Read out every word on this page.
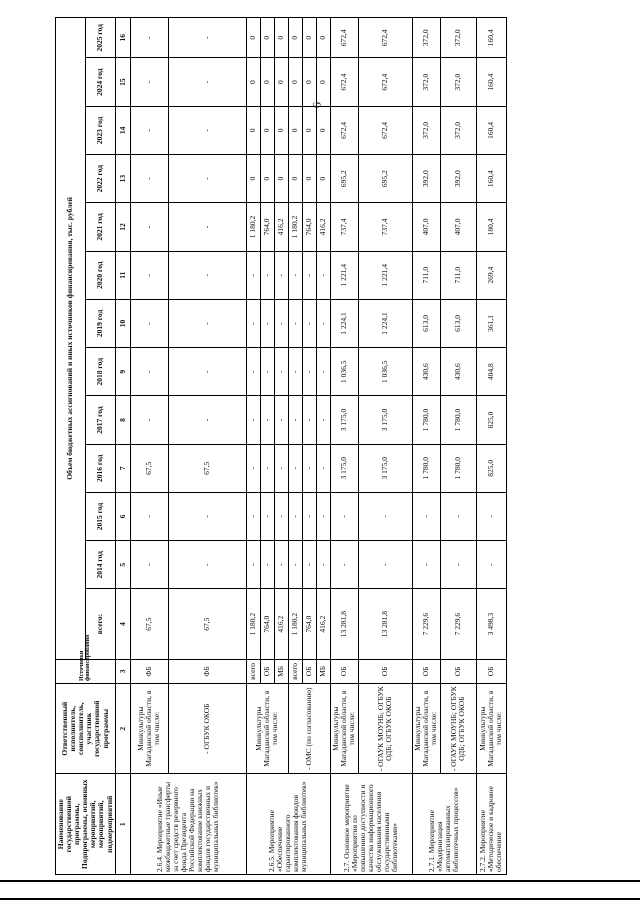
9
Наименование государственной программы, Подпрограммы, основных мероприятий, мероприятий, подмероприятий	Ответственный исполнитель, соисполнитель, участник государственной программы	Источники финансирования	Объем бюджетных ассигнований и иных источников финансирования, тыс. рублей												
			всего:	2014 год	2015 год	2016 год	2017 год	2018 год	2019 год	2020 год	2021 год	2022 год	2023 год	2024 год	2025 год
1	2	3	4	5	6	7	8	9	10	11	12	13	14	15	16
2.6.4. Мероприятие «Иные межбюджетные трансферты за счет средств резервного фонда Президента Российской Федерации на комплектование книжных фондов государственных и муниципальных библиотек»	Минкультуры Магаданской области, в том числе:	ФБ	67,5	-	-	67,5	-	-	-	-	-	-	-	-	-
	- ОГБУК ОКОБ	ФБ	67,5	-	-	67,5	-	-	-	-	-	-	-	-	-
2.6.5. Мероприятие «Обеспечение гарантированного комплектования фондов муниципальных библиотек»	Минкультуры Магаданской области, в том числе:	всего	1 180,2	-	-	-	-	-	-	-	1 180,2	0	0	0	0
		ОБ	764,0	-	-	-	-	-	-	-	764,0	0	0	0	0
		МБ	416,2	-	-	-	-	-	-	-	416,2	0	0	0	0
	- ОМС (по согласованию)	всего	1 180,2	-	-	-	-	-	-	-	1 180,2	0	0	0	0
		ОБ	764,0	-	-	-	-	-	-	-	764,0	0	0	0	0
		МБ	416,2	-	-	-	-	-	-	-	416,2	0	0	0	0
2.7. Основное мероприятие «Мероприятия по повышению доступности и качества информационного обслуживания населения государственными библиотеками»	Минкультуры Магаданской области, в том числе:	ОБ	13 281,8	-	-	3 175,0	3 175,0	1 036,5	1 224,1	1 221,4	737,4	695,2	672,4	672,4	672,4
	- ОГАУК МОУНБ; ОГБУК ОДБ; ОГБУК ОКОБ	ОБ	13 281,8	-	-	3 175,0	3 175,0	1 036,5	1 224,1	1 221,4	737,4	695,2	672,4	672,4	672,4
2.7.1. Мероприятие «Модернизация автоматизированных библиотечных процессов»	Минкультуры Магаданской области, в том числе:	ОБ	7 229,6	-	-	1 780,0	1 780,0	430,6	613,0	711,0	407,0	392,0	372,0	372,0	372,0
	- ОГАУК МОУНБ; ОГБУК ОДБ; ОГБУК ОКОБ	ОБ	7 229,6	-	-	1 780,0	1 780,0	430,6	613,0	711,0	407,0	392,0	372,0	372,0	372,0
2.7.2. Мероприятие «Методическое и кадровое обеспечение	Минкультуры Магаданской области, в том числе:	ОБ	3 498,3	-	-	825,0	825,0	404,8	361,1	269,4	180,4	160,4	160,4	160,4	160,4
